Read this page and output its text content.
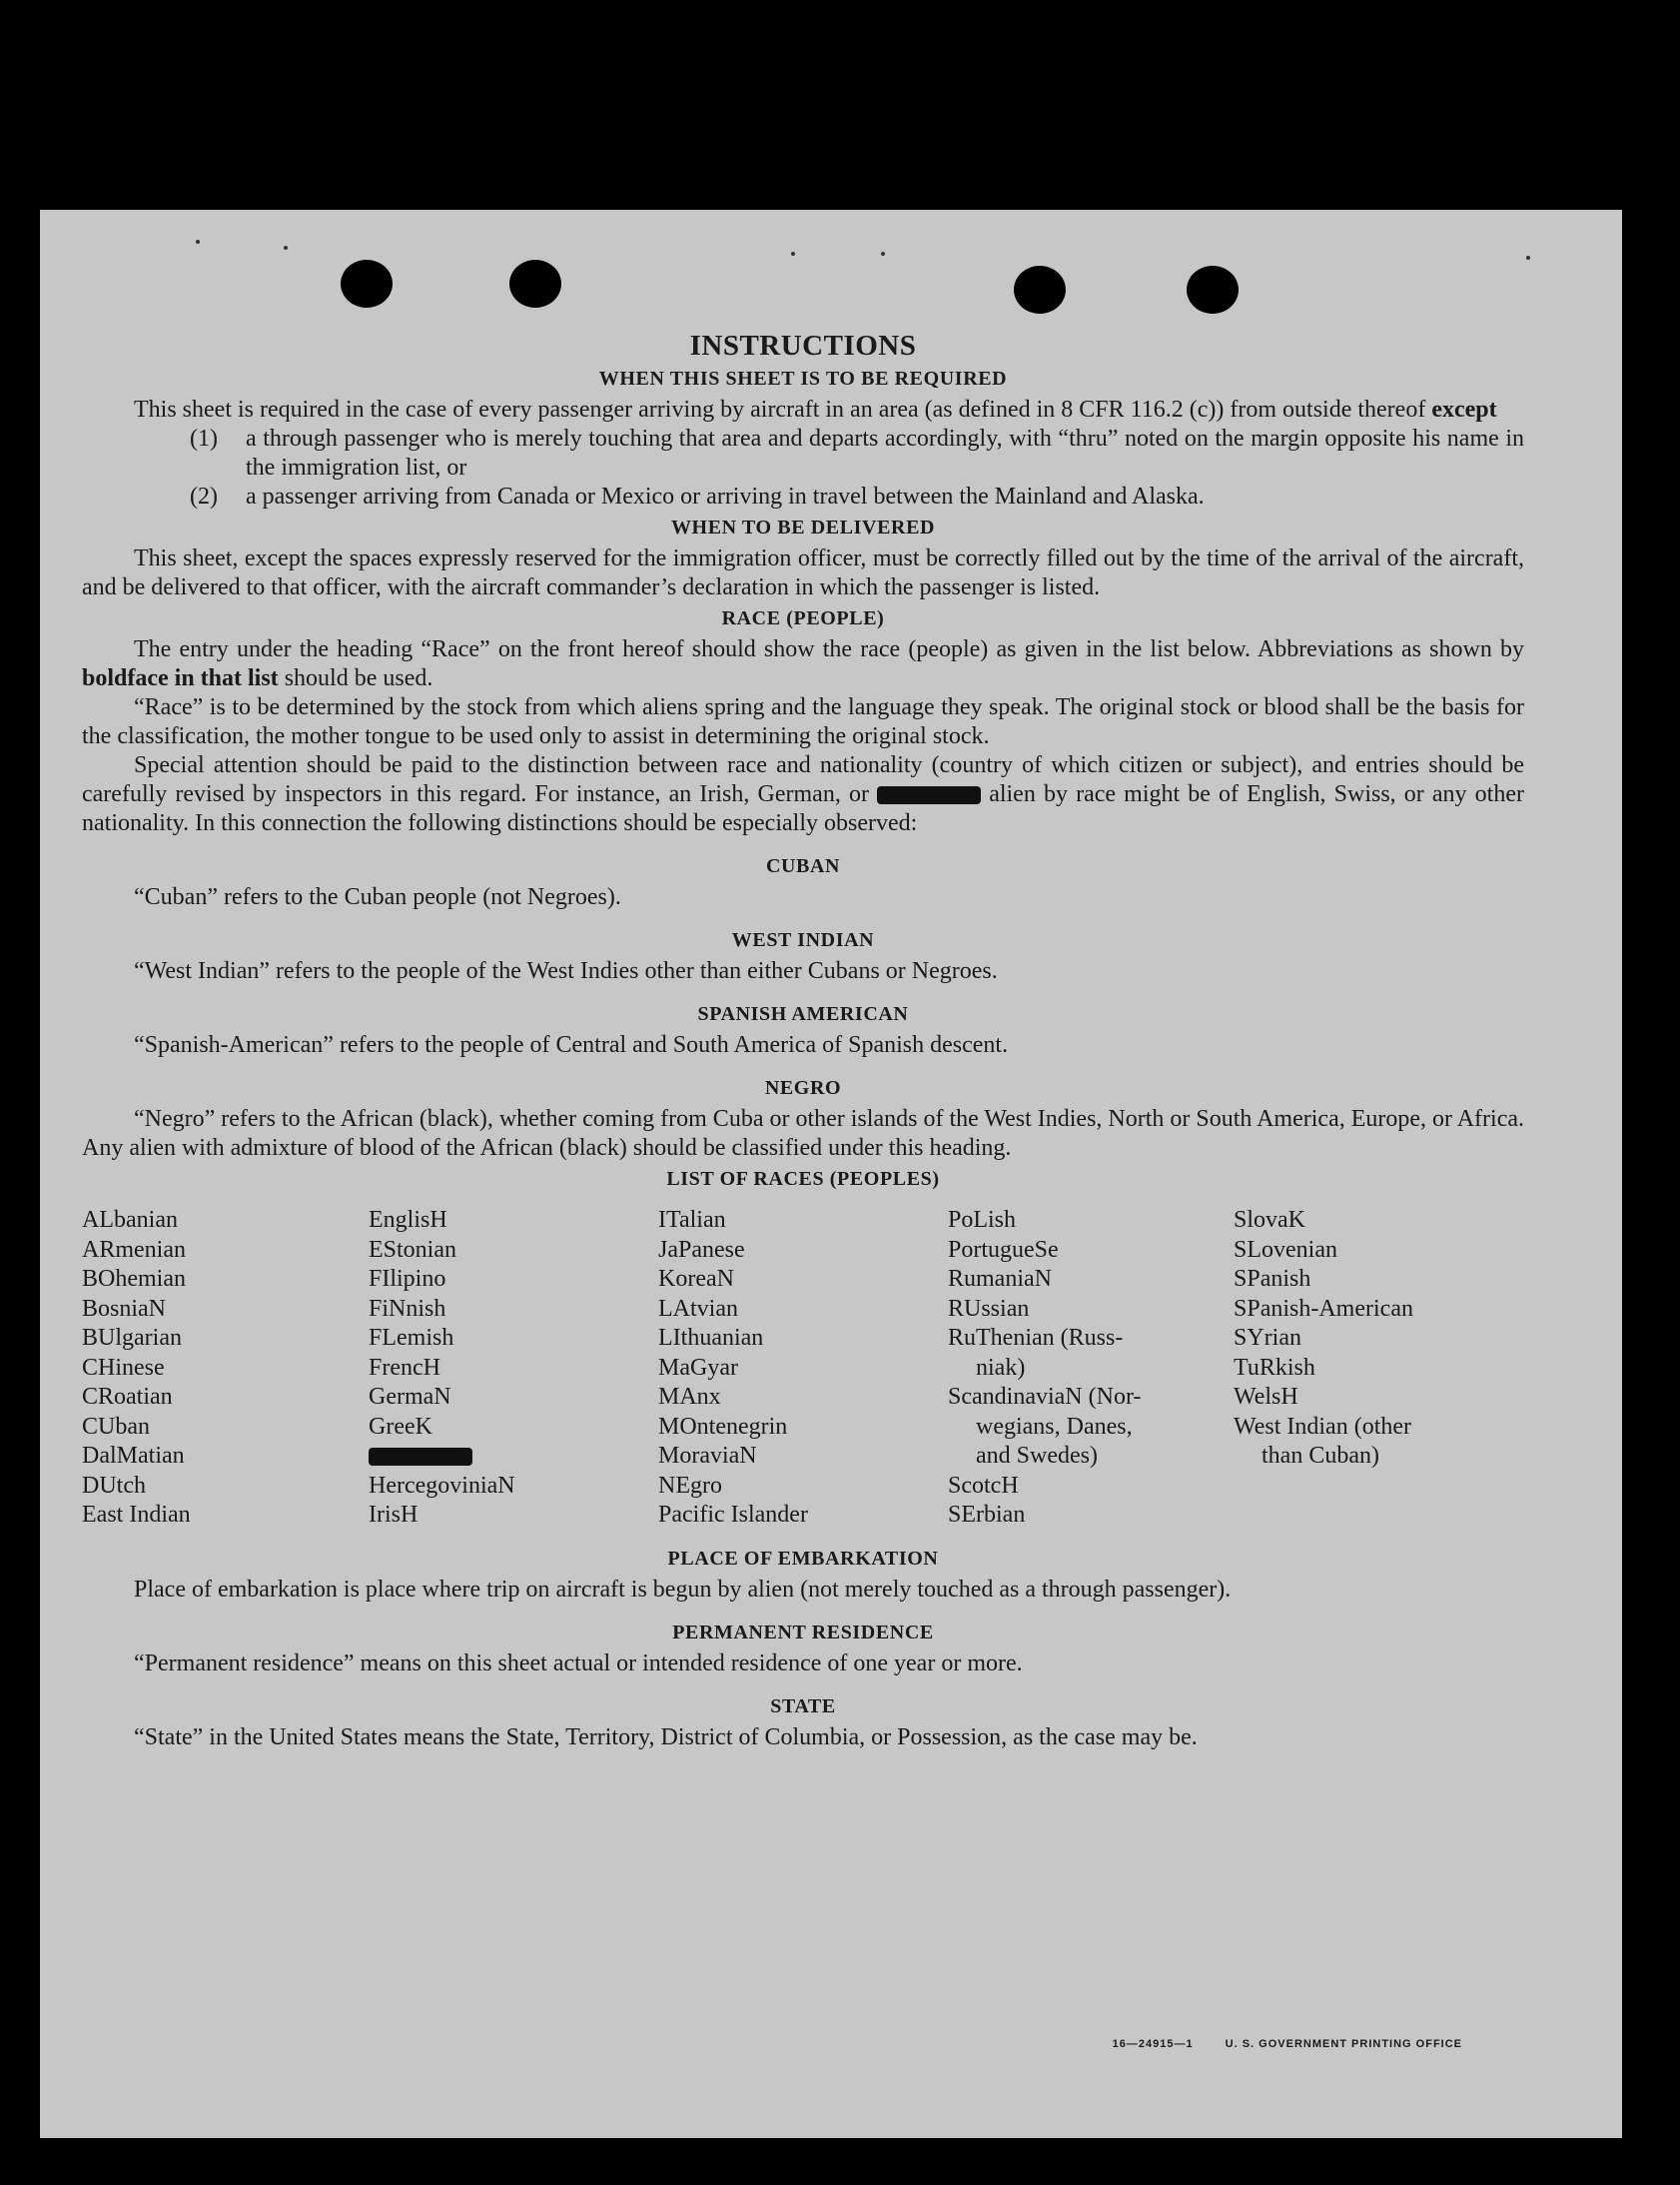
INSTRUCTIONS
WHEN THIS SHEET IS TO BE REQUIRED

This sheet is required in the case of every passenger arriving by aircraft in an area (as defined in 8 CFR 116.2 (c)) from outside thereof except

(1)	a through passenger who is merely touching that area and departs accordingly, with “thru” noted on the margin opposite his name in the immigration list, or
(2)	a passenger arriving from Canada or Mexico or arriving in travel between the Mainland and Alaska.
WHEN TO BE DELIVERED

This sheet, except the spaces expressly reserved for the immigration officer, must be correctly filled out by the time of the arrival of the aircraft, and be delivered to that officer, with the aircraft commander’s declaration in which the passenger is listed.

RACE (PEOPLE)

The entry under the heading “Race” on the front hereof should show the race (people) as given in the list below. Abbreviations as shown by boldface in that list should be used.

“Race” is to be determined by the stock from which aliens spring and the language they speak. The original stock or blood shall be the basis for the classification, the mother tongue to be used only to assist in determining the original stock.

Special attention should be paid to the distinction between race and nationality (country of which citizen or subject), and entries should be carefully revised by inspectors in this regard. For instance, an Irish, German, or	alien by race might be of English, Swiss, or any other nationality. In this connection the following distinctions should be especially observed:

CUBAN

“Cuban” refers to the Cuban people (not Negroes).

WEST INDIAN

“West Indian” refers to the people of the West Indies other than either Cubans or Negroes.

SPANISH AMERICAN

“Spanish-American” refers to the people of Central and South America of Spanish descent.

NEGRO

“Negro” refers to the African (black), whether coming from Cuba or other islands of the West Indies, North or South America, Europe, or Africa. Any alien with admixture of blood of the African (black) should be classified under this heading.

LIST OF RACES (PEOPLES)
ALbanian
ARmenian
BOhemian
BosniaN
BUlgarian
CHinese
CRoatian
CUban
DalMatian
DUtch
East Indian
EnglisH
EStonian
FIlipino
FiNnish
FLemish
FrencH
GermaN
GreeK
HercegoviniaN
IrisH
ITalian
JaPanese
KoreaN
LAtvian
LIthuanian
MaGyar
MAnx
MOntenegrin
MoraviaN
NEgro
Pacific Islander
PoLish
PortugueSe
RumaniaN
RUssian
RuThenian (Russ-
niak)
ScandinaviaN (Nor-
wegians, Danes,
and Swedes)
ScotcH
SErbian
SlovaK
SLovenian
SPanish
SPanish-American
SYrian
TuRkish
WelsH
West Indian (other
than Cuban)
PLACE OF EMBARKATION

Place of embarkation is place where trip on aircraft is begun by alien (not merely touched as a through passenger).

PERMANENT RESIDENCE

“Permanent residence” means on this sheet actual or intended residence of one year or more.

STATE

“State” in the United States means the State, Territory, District of Columbia, or Possession, as the case may be.

16—24915—1	U. S. GOVERNMENT PRINTING OFFICE
